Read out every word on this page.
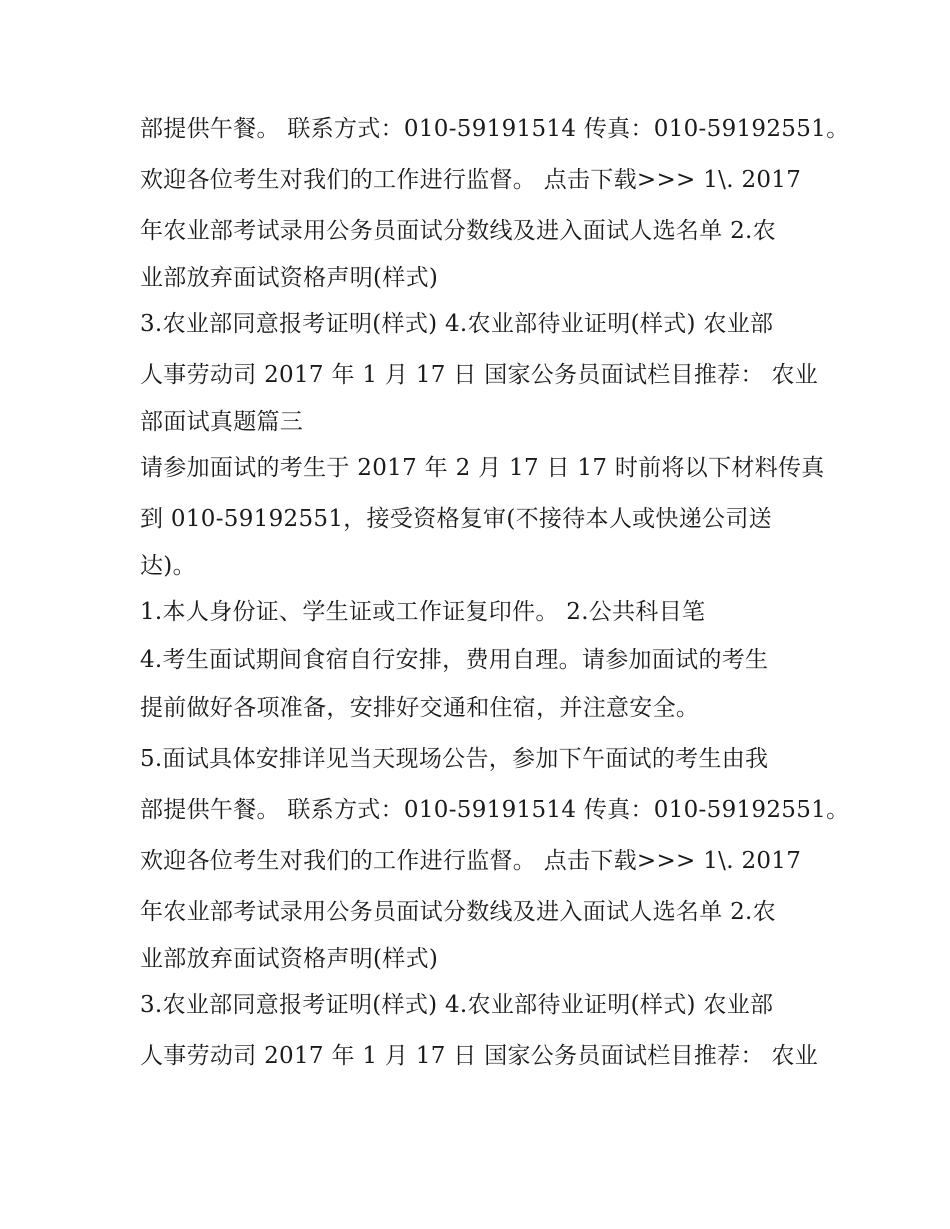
部提供午餐。 联系方式：010-59191514 传真：010-59192551。
欢迎各位考生对我们的工作进行监督。 点击下载>>> 1\. 2017
年农业部考试录用公务员面试分数线及进入面试人选名单 2.农
业部放弃面试资格声明(样式)
3.农业部同意报考证明(样式) 4.农业部待业证明(样式) 农业部
人事劳动司 2017 年 1 月 17 日 国家公务员面试栏目推荐： 农业
部面试真题篇三
请参加面试的考生于 2017 年 2 月 17 日 17 时前将以下材料传真
到 010-59192551，接受资格复审(不接待本人或快递公司送
达)。
1.本人身份证、学生证或工作证复印件。 2.公共科目笔
4.考生面试期间食宿自行安排，费用自理。请参加面试的考生
提前做好各项准备，安排好交通和住宿，并注意安全。
5.面试具体安排详见当天现场公告，参加下午面试的考生由我
部提供午餐。 联系方式：010-59191514 传真：010-59192551。
欢迎各位考生对我们的工作进行监督。 点击下载>>> 1\. 2017
年农业部考试录用公务员面试分数线及进入面试人选名单 2.农
业部放弃面试资格声明(样式)
3.农业部同意报考证明(样式) 4.农业部待业证明(样式) 农业部
人事劳动司 2017 年 1 月 17 日 国家公务员面试栏目推荐： 农业
